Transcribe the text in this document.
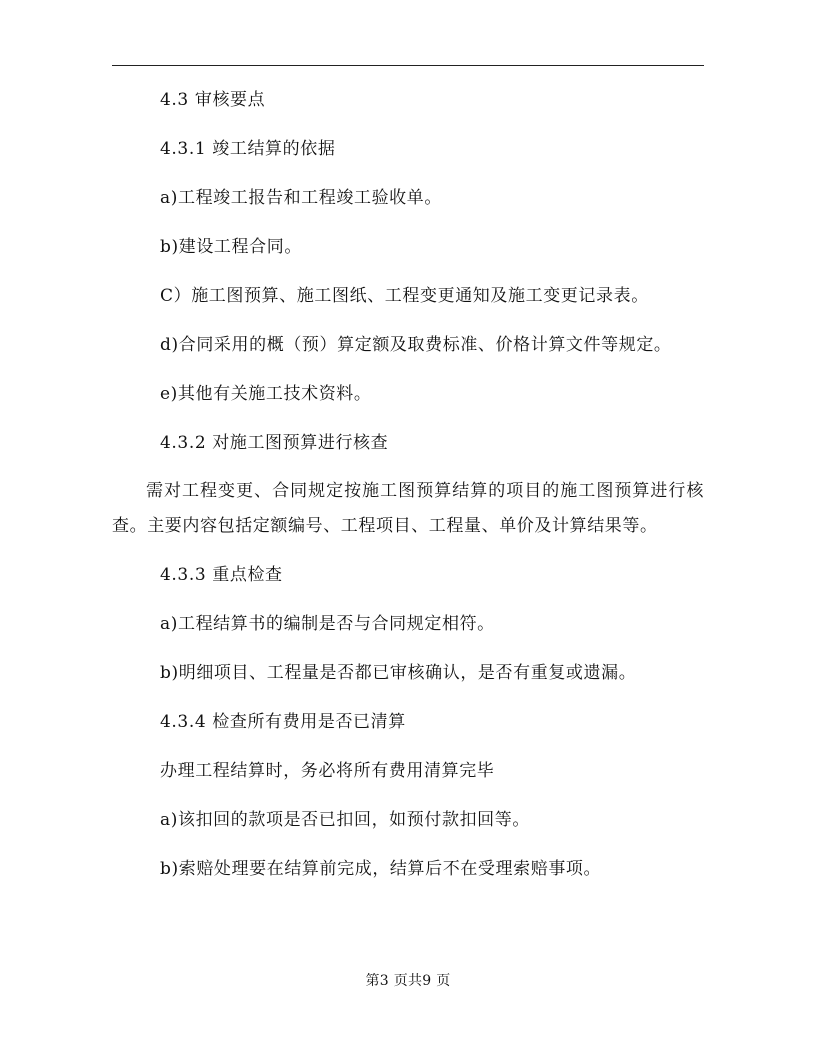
4.3 审核要点
4.3.1 竣工结算的依据
a)工程竣工报告和工程竣工验收单。
b)建设工程合同。
C）施工图预算、施工图纸、工程变更通知及施工变更记录表。
d)合同采用的概（预）算定额及取费标准、价格计算文件等规定。
e)其他有关施工技术资料。
4.3.2 对施工图预算进行核查
需对工程变更、合同规定按施工图预算结算的项目的施工图预算进行核查。主要内容包括定额编号、工程项目、工程量、单价及计算结果等。
4.3.3 重点检查
a)工程结算书的编制是否与合同规定相符。
b)明细项目、工程量是否都已审核确认，是否有重复或遗漏。
4.3.4 检查所有费用是否已清算
办理工程结算时，务必将所有费用清算完毕
a)该扣回的款项是否已扣回，如预付款扣回等。
b)索赔处理要在结算前完成，结算后不在受理索赔事项。
第3 页共9 页
